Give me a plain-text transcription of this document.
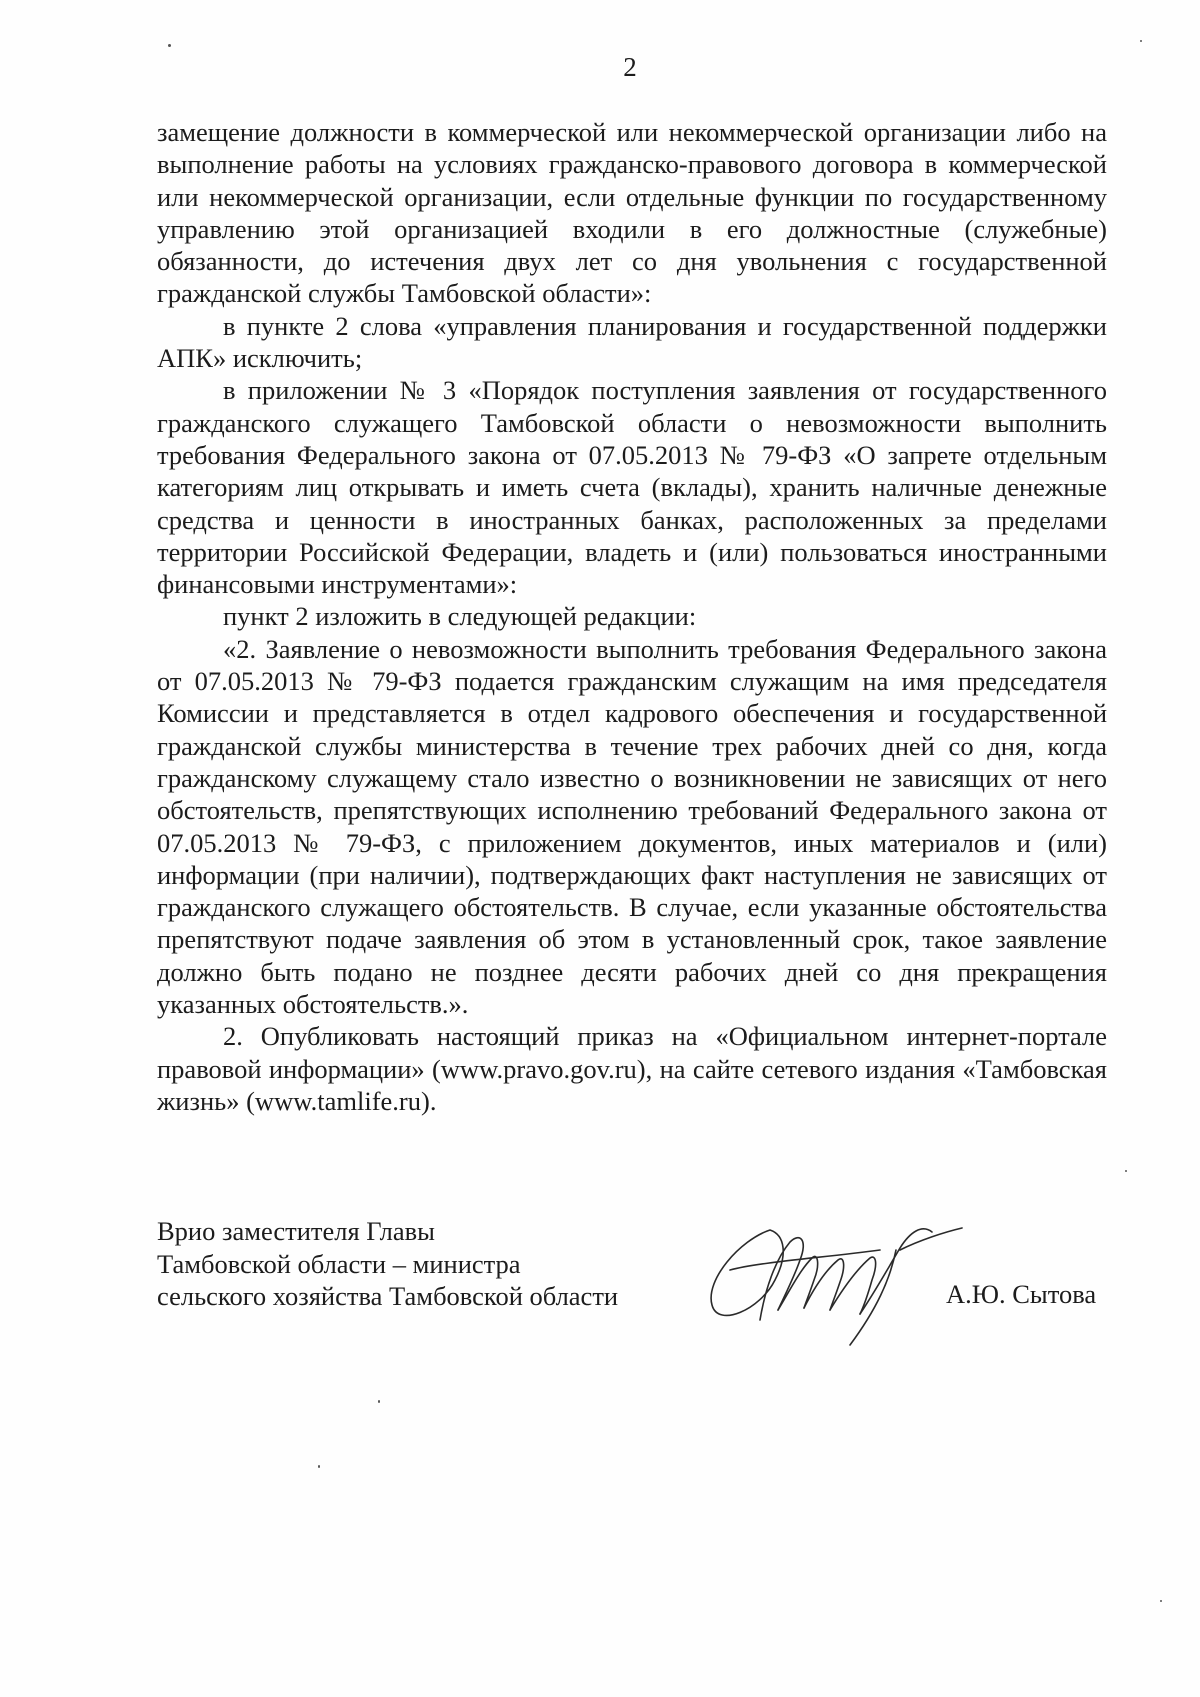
2

замещение должности в коммерческой или некоммерческой организации либо на выполнение работы на условиях гражданско-правового договора в коммерческой или некоммерческой организации, если отдельные функции по государственному управлению этой организацией входили в его должностные (служебные) обязанности, до истечения двух лет со дня увольнения с государственной гражданской службы Тамбовской области»:

в пункте 2 слова «управления планирования и государственной поддержки АПК» исключить;

в приложении № 3 «Порядок поступления заявления от государственного гражданского служащего Тамбовской области о невозможности выполнить требования Федерального закона от 07.05.2013 № 79-ФЗ «О запрете отдельным категориям лиц открывать и иметь счета (вклады), хранить наличные денежные средства и ценности в иностранных банках, расположенных за пределами территории Российской Федерации, владеть и (или) пользоваться иностранными финансовыми инструментами»:

пункт 2 изложить в следующей редакции:

«2. Заявление о невозможности выполнить требования Федерального закона от 07.05.2013 № 79-ФЗ подается гражданским служащим на имя председателя Комиссии и представляется в отдел кадрового обеспечения и государственной гражданской службы министерства в течение трех рабочих дней со дня, когда гражданскому служащему стало известно о возникновении не зависящих от него обстоятельств, препятствующих исполнению требований Федерального закона от 07.05.2013 № 79-ФЗ, с приложением документов, иных материалов и (или) информации (при наличии), подтверждающих факт наступления не зависящих от гражданского служащего обстоятельств. В случае, если указанные обстоятельства препятствуют подаче заявления об этом в установленный срок, такое заявление должно быть подано не позднее десяти рабочих дней со дня прекращения указанных обстоятельств.».

2. Опубликовать настоящий приказ на «Официальном интернет-портале правовой информации» (www.pravo.gov.ru), на сайте сетевого издания «Тамбовская жизнь» (www.tamlife.ru).

Врио заместителя Главы
Тамбовской области – министра
сельского хозяйства Тамбовской области	А.Ю. Сытова
